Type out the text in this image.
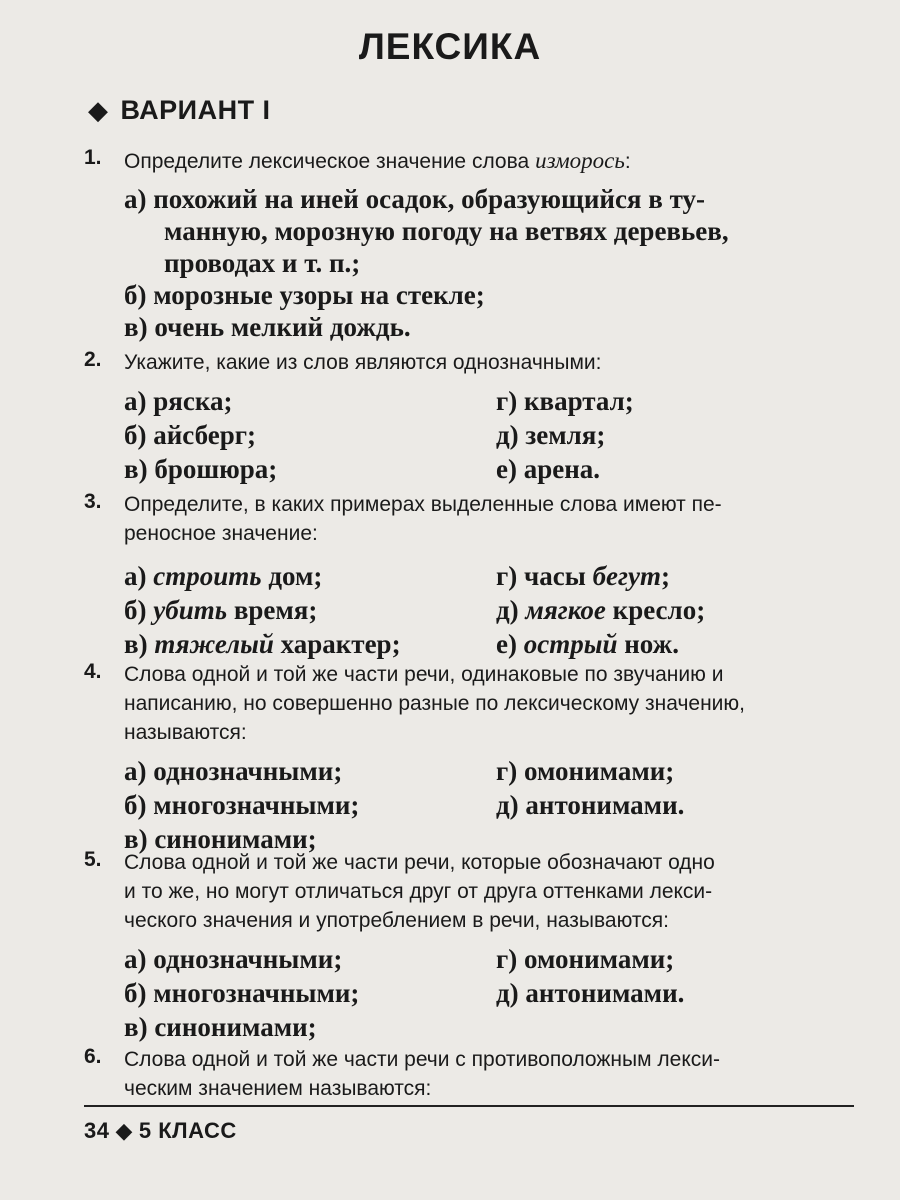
ЛЕКСИКА
◆ ВАРИАНТ I
1. Определите лексическое значение слова изморось:
а) похожий на иней осадок, образующийся в ту-
манную, морозную погоду на ветвях деревьев,
проводах и т. п.;
б) морозные узоры на стекле;
в) очень мелкий дождь.
2. Укажите, какие из слов являются однозначными:
а) ряска;	г) квартал;
б) айсберг;	д) земля;
в) брошюра;	е) арена.
3. Определите, в каких примерах выделенные слова имеют пе-
реносное значение:
а) строить дом;	г) часы бегут;
б) убить время;	д) мягкое кресло;
в) тяжелый характер;	е) острый нож.
4. Слова одной и той же части речи, одинаковые по звучанию и
написанию, но совершенно разные по лексическому значению,
называются:
а) однозначными;	г) омонимами;
б) многозначными;	д) антонимами.
в) синонимами;
5. Слова одной и той же части речи, которые обозначают одно
и то же, но могут отличаться друг от друга оттенками лекси-
ческого значения и употреблением в речи, называются:
а) однозначными;	г) омонимами;
б) многозначными;	д) антонимами.
в) синонимами;
6. Слова одной и той же части речи с противоположным лекси-
ческим значением называются:
34 ◆ 5 КЛАСС
